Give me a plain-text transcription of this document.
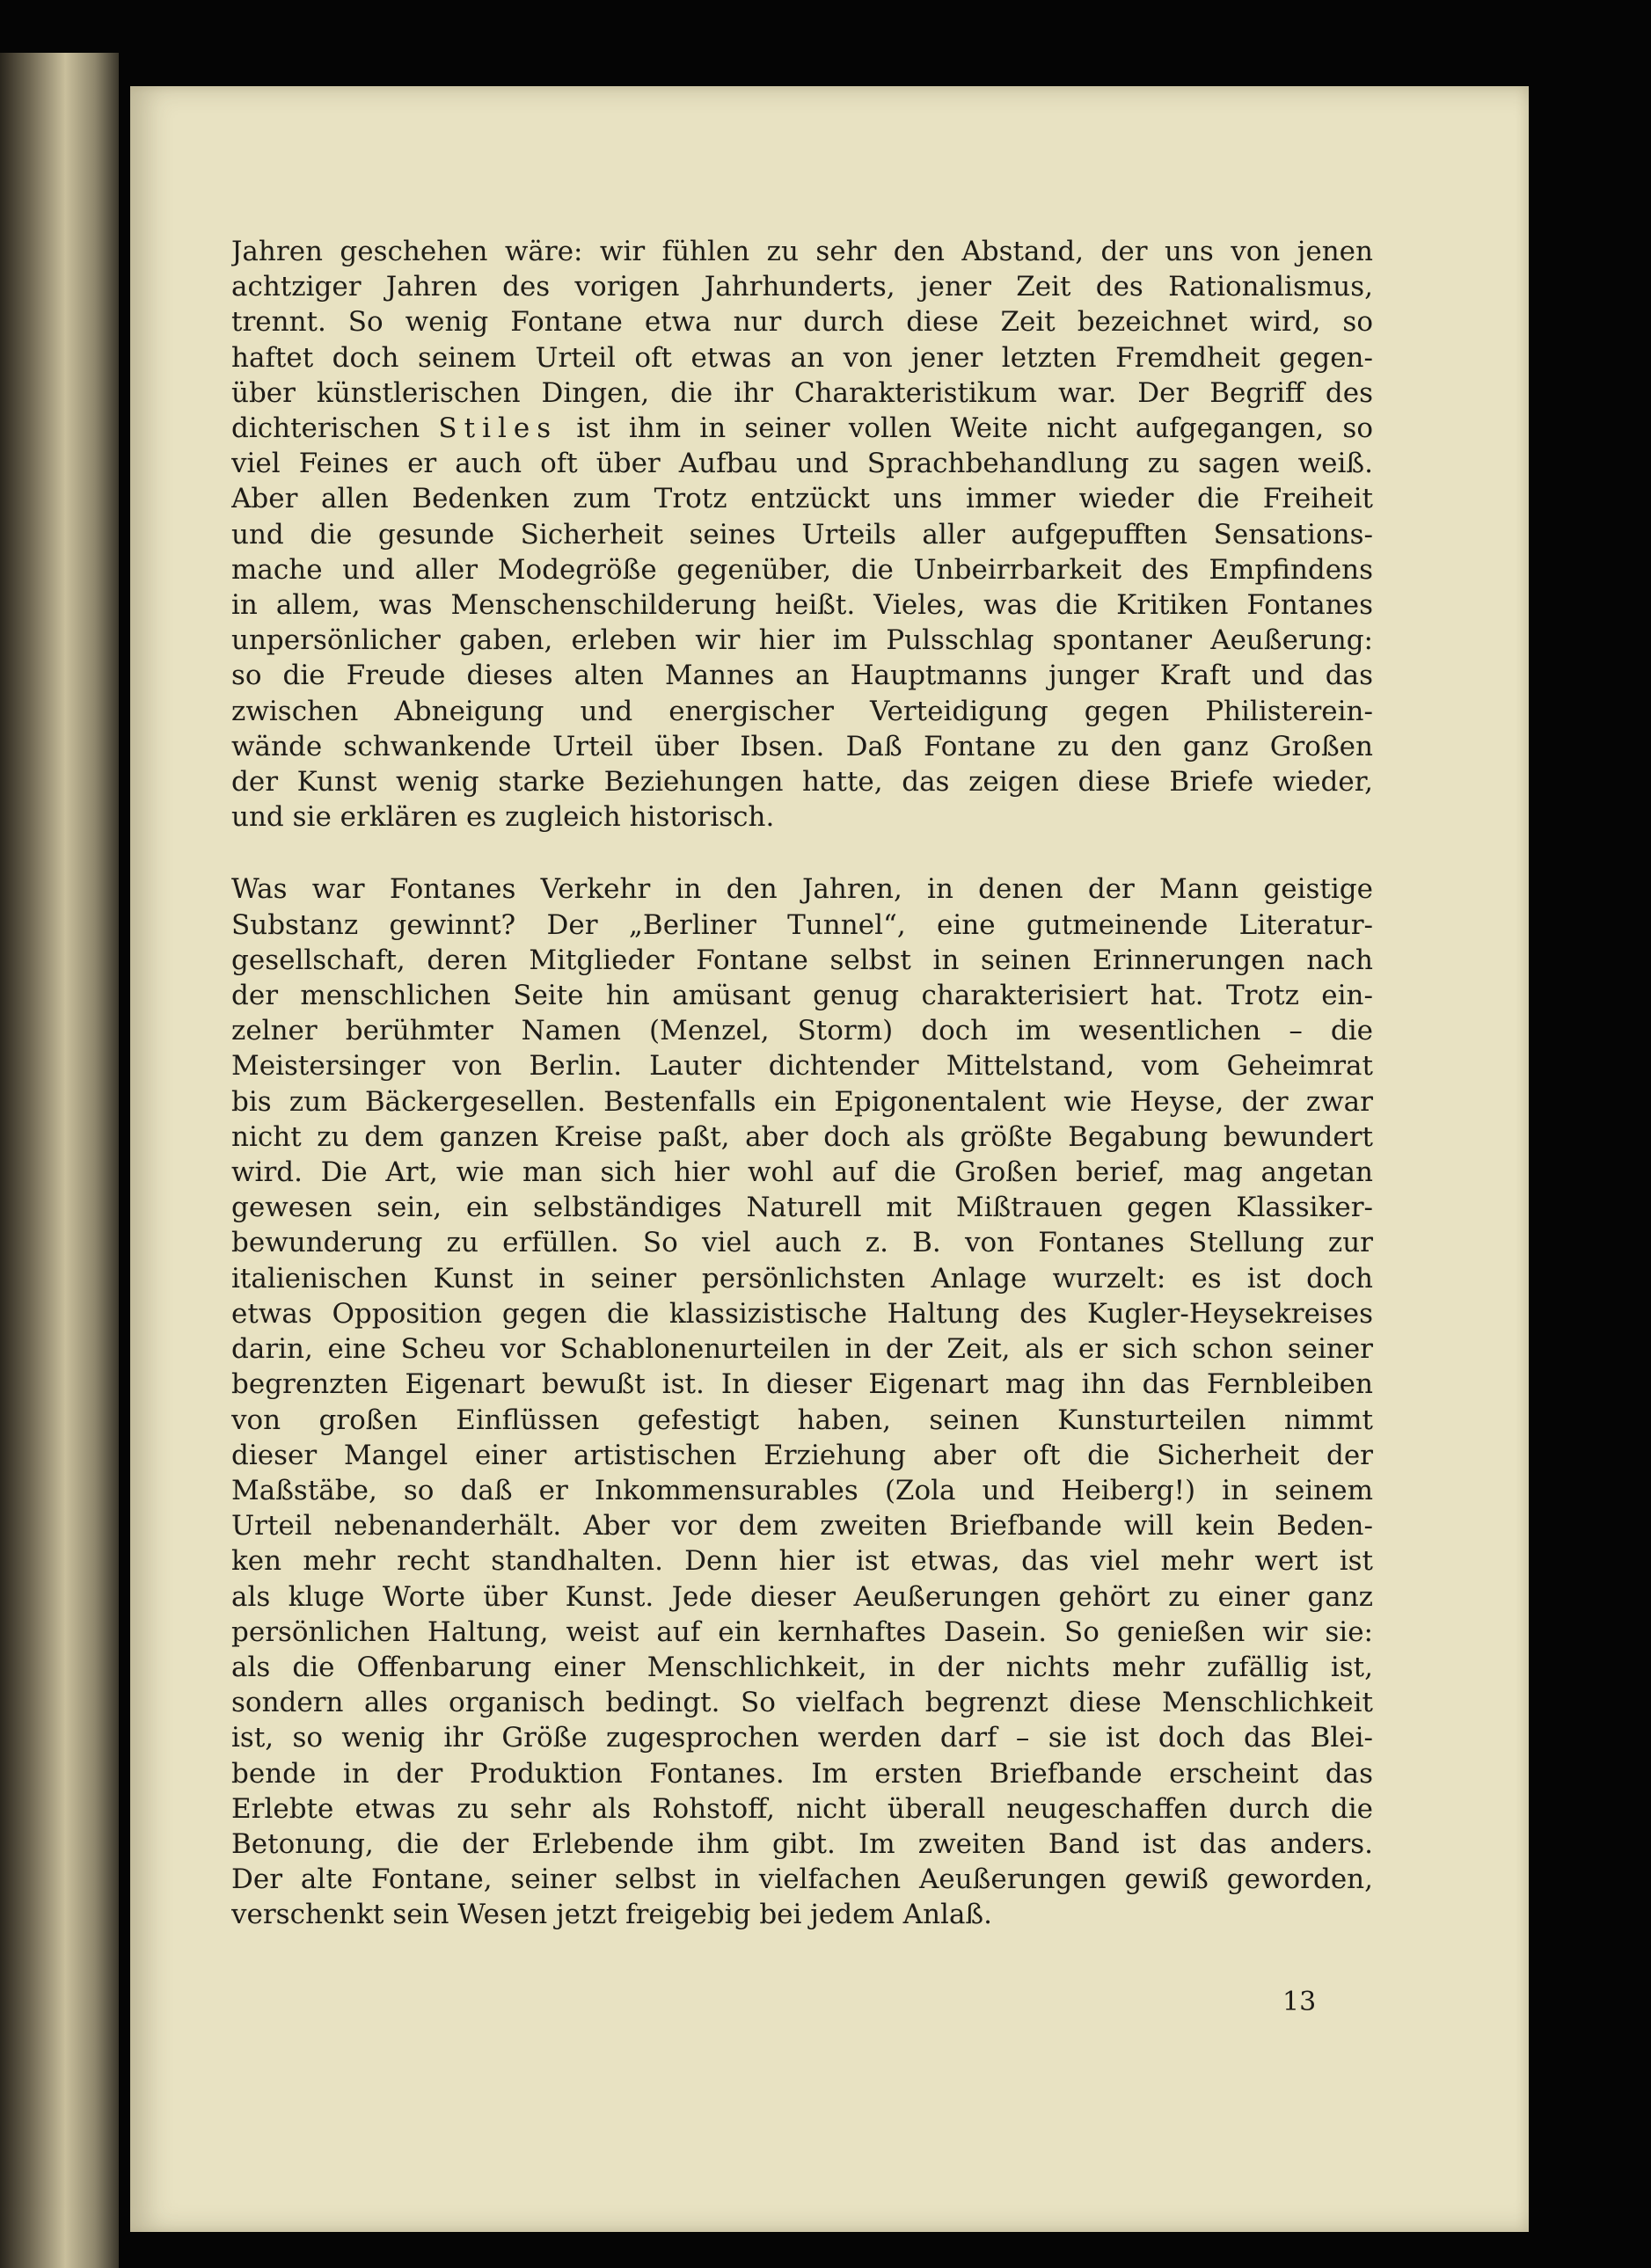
Jahren geschehen wäre: wir fühlen zu sehr den Abstand, der uns von jenen
achtziger Jahren des vorigen Jahrhunderts, jener Zeit des Rationalismus,
trennt. So wenig Fontane etwa nur durch diese Zeit bezeichnet wird, so
haftet doch seinem Urteil oft etwas an von jener letzten Fremdheit gegen-
über künstlerischen Dingen, die ihr Charakteristikum war. Der Begriff des
dichterischen Stiles ist ihm in seiner vollen Weite nicht aufgegangen, so
viel Feines er auch oft über Aufbau und Sprachbehandlung zu sagen weiß.
Aber allen Bedenken zum Trotz entzückt uns immer wieder die Freiheit
und die gesunde Sicherheit seines Urteils aller aufgepufften Sensations-
mache und aller Modegröße gegenüber, die Unbeirrbarkeit des Empfindens
in allem, was Menschenschilderung heißt. Vieles, was die Kritiken Fontanes
unpersönlicher gaben, erleben wir hier im Pulsschlag spontaner Aeußerung:
so die Freude dieses alten Mannes an Hauptmanns junger Kraft und das
zwischen Abneigung und energischer Verteidigung gegen Philisterein-
wände schwankende Urteil über Ibsen. Daß Fontane zu den ganz Großen
der Kunst wenig starke Beziehungen hatte, das zeigen diese Briefe wieder,
und sie erklären es zugleich historisch.

Was war Fontanes Verkehr in den Jahren, in denen der Mann geistige
Substanz gewinnt? Der „Berliner Tunnel“, eine gutmeinende Literatur-
gesellschaft, deren Mitglieder Fontane selbst in seinen Erinnerungen nach
der menschlichen Seite hin amüsant genug charakterisiert hat. Trotz ein-
zelner berühmter Namen (Menzel, Storm) doch im wesentlichen – die
Meistersinger von Berlin. Lauter dichtender Mittelstand, vom Geheimrat
bis zum Bäckergesellen. Bestenfalls ein Epigonentalent wie Heyse, der zwar
nicht zu dem ganzen Kreise paßt, aber doch als größte Begabung bewundert
wird. Die Art, wie man sich hier wohl auf die Großen berief, mag angetan
gewesen sein, ein selbständiges Naturell mit Mißtrauen gegen Klassiker-
bewunderung zu erfüllen. So viel auch z. B. von Fontanes Stellung zur
italienischen Kunst in seiner persönlichsten Anlage wurzelt: es ist doch
etwas Opposition gegen die klassizistische Haltung des Kugler-Heysekreises
darin, eine Scheu vor Schablonenurteilen in der Zeit, als er sich schon seiner
begrenzten Eigenart bewußt ist. In dieser Eigenart mag ihn das Fernbleiben
von großen Einflüssen gefestigt haben, seinen Kunsturteilen nimmt
dieser Mangel einer artistischen Erziehung aber oft die Sicherheit der
Maßstäbe, so daß er Inkommensurables (Zola und Heiberg!) in seinem
Urteil nebenanderhält. Aber vor dem zweiten Briefbande will kein Beden-
ken mehr recht standhalten. Denn hier ist etwas, das viel mehr wert ist
als kluge Worte über Kunst. Jede dieser Aeußerungen gehört zu einer ganz
persönlichen Haltung, weist auf ein kernhaftes Dasein. So genießen wir sie:
als die Offenbarung einer Menschlichkeit, in der nichts mehr zufällig ist,
sondern alles organisch bedingt. So vielfach begrenzt diese Menschlichkeit
ist, so wenig ihr Größe zugesprochen werden darf – sie ist doch das Blei-
bende in der Produktion Fontanes. Im ersten Briefbande erscheint das
Erlebte etwas zu sehr als Rohstoff, nicht überall neugeschaffen durch die
Betonung, die der Erlebende ihm gibt. Im zweiten Band ist das anders.
Der alte Fontane, seiner selbst in vielfachen Aeußerungen gewiß geworden,
verschenkt sein Wesen jetzt freigebig bei jedem Anlaß.

13
